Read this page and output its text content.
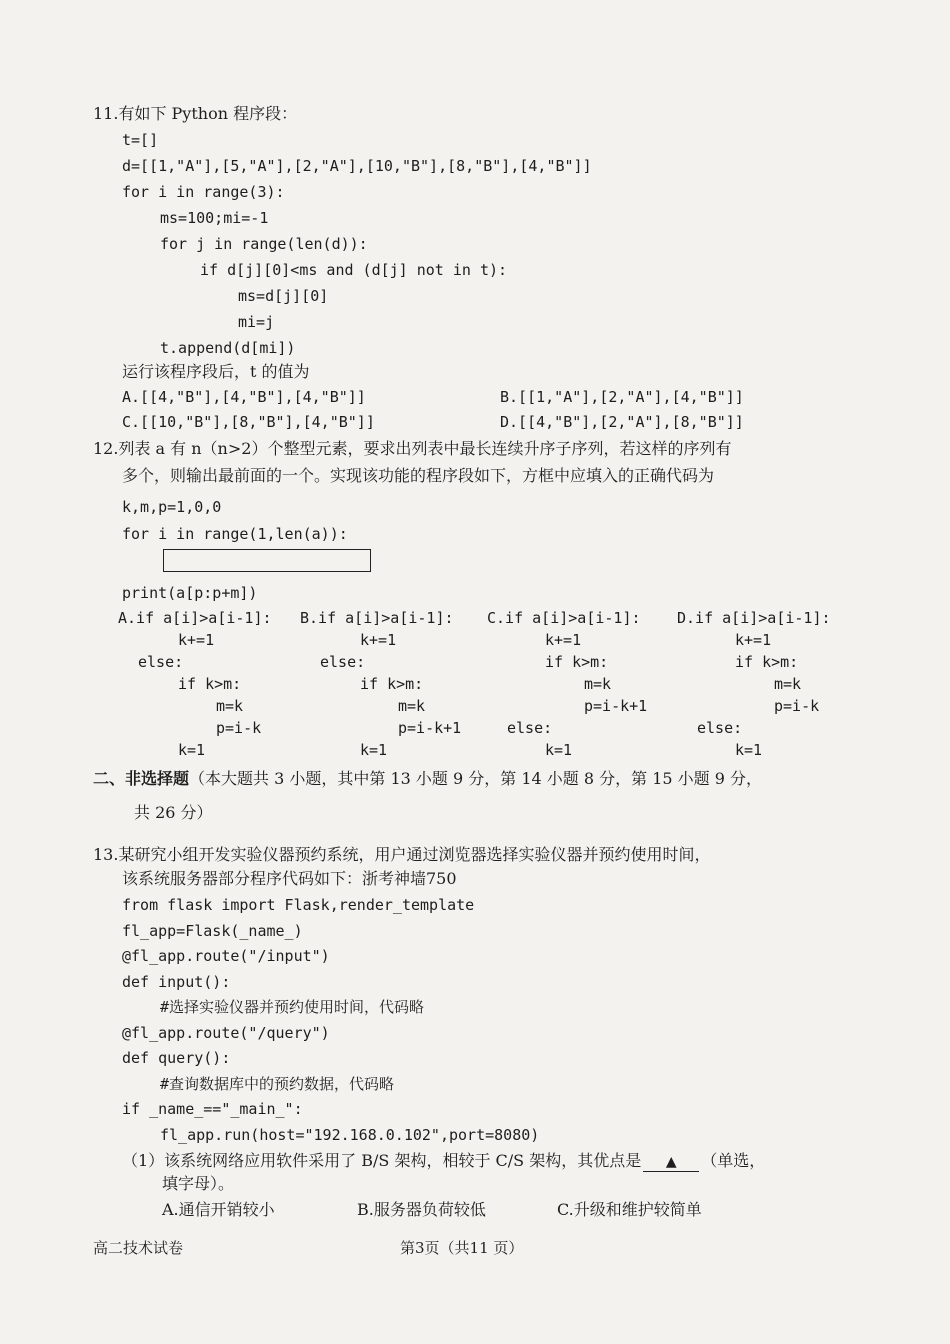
11.有如下 Python 程序段：
t=[]
d=[[1,"A"],[5,"A"],[2,"A"],[10,"B"],[8,"B"],[4,"B"]]
for i in range(3):
ms=100;mi=-1
for j in range(len(d)):
if d[j][0]<ms and (d[j] not in t):
ms=d[j][0]
mi=j
t.append(d[mi])
运行该程序段后，t 的值为
A.[[4,"B"],[4,"B"],[4,"B"]]	B.[[1,"A"],[2,"A"],[4,"B"]]
C.[[10,"B"],[8,"B"],[4,"B"]]	D.[[4,"B"],[2,"A"],[8,"B"]]
12.列表 a 有 n（n>2）个整型元素，要求出列表中最长连续升序子序列，若这样的序列有
多个，则输出最前面的一个。实现该功能的程序段如下，方框中应填入的正确代码为
k,m,p=1,0,0
for i in range(1,len(a)):
print(a[p:p+m])
A.if a[i]>a[i-1]:
k+=1
else:
if k>m:
m=k
p=i-k
k=1
B.if a[i]>a[i-1]:
k+=1
else:
if k>m:
m=k
p=i-k+1
k=1
C.if a[i]>a[i-1]:
k+=1
if k>m:
m=k
p=i-k+1
else:
k=1
D.if a[i]>a[i-1]:
k+=1
if k>m:
m=k
p=i-k
else:
k=1
二、非选择题（本大题共 3 小题，其中第 13 小题 9 分，第 14 小题 8 分，第 15 小题 9 分，
共 26 分）
13.某研究小组开发实验仪器预约系统，用户通过浏览器选择实验仪器并预约使用时间，
该系统服务器部分程序代码如下：浙考神墙750
from flask import Flask,render_template
fl_app=Flask(_name_)
@fl_app.route("/input")
def input():
#选择实验仪器并预约使用时间，代码略
@fl_app.route("/query")
def query():
#查询数据库中的预约数据，代码略
if _name_=="_main_":
fl_app.run(host="192.168.0.102",port=8080)
（1）该系统网络应用软件采用了 B/S 架构，相较于 C/S 架构，其优点是 ▲ （单选，
填字母）。
A.通信开销较小	B.服务器负荷较低	C.升级和维护较简单
高二技术试卷	第3页（共11 页）
